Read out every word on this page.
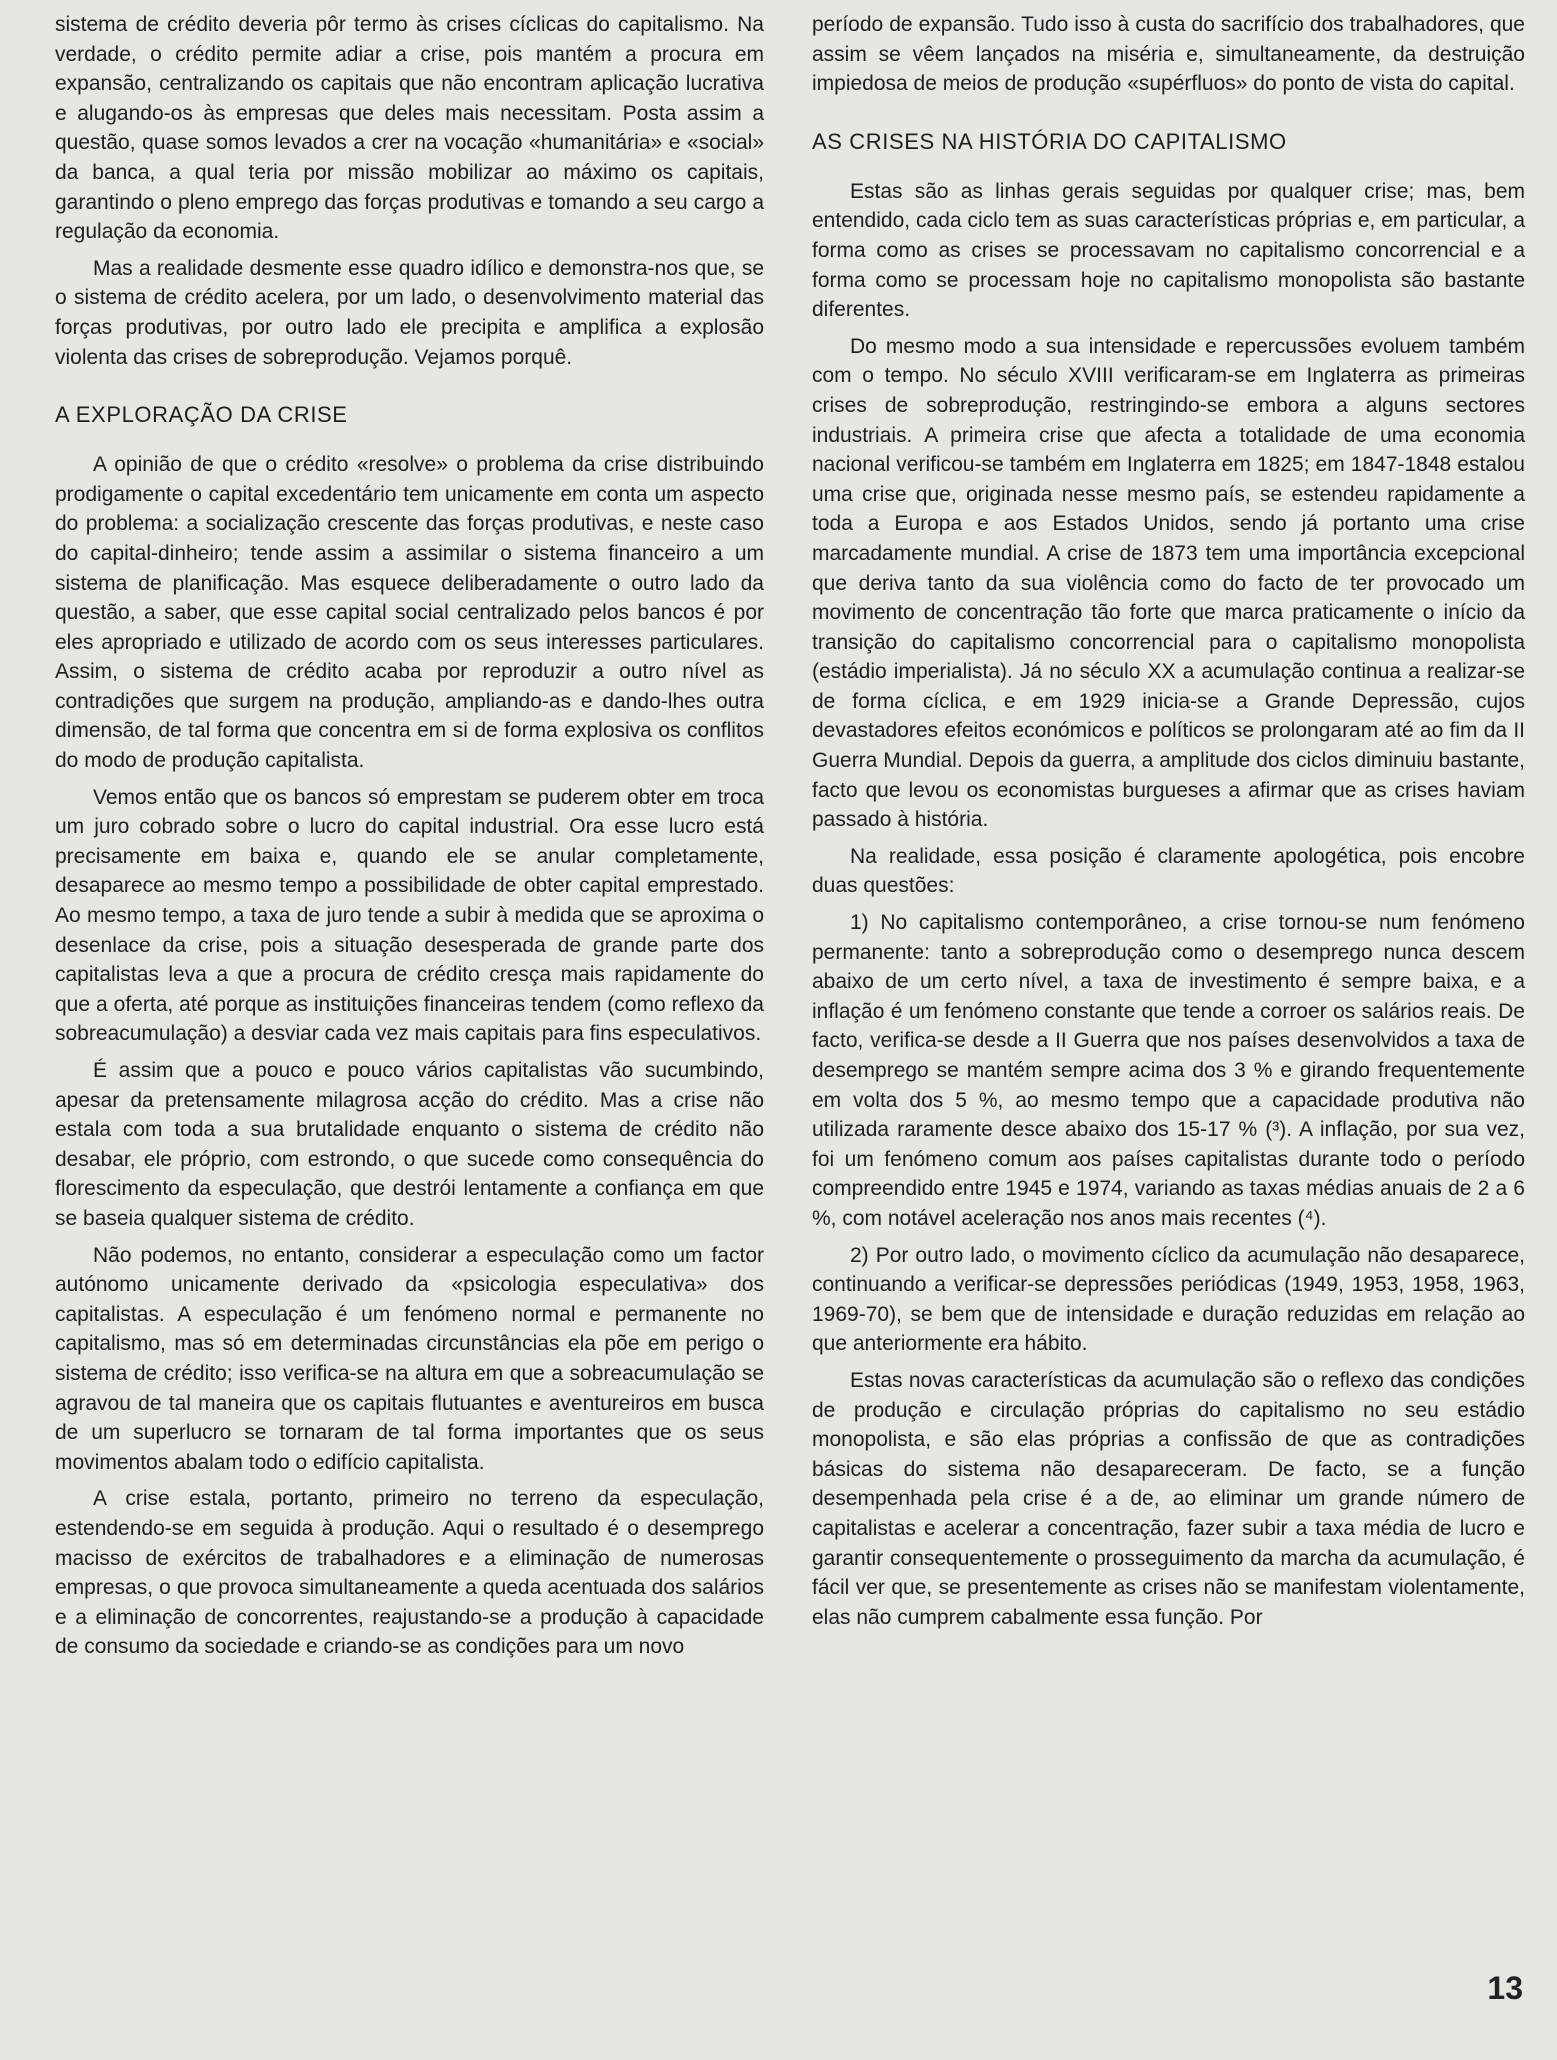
sistema de crédito deveria pôr termo às crises cíclicas do capitalismo. Na verdade, o crédito permite adiar a crise, pois mantém a procura em expansão, centralizando os capitais que não encontram aplicação lucrativa e alugando-os às empresas que deles mais necessitam. Posta assim a questão, quase somos levados a crer na vocação «humanitária» e «social» da banca, a qual teria por missão mobilizar ao máximo os capitais, garantindo o pleno emprego das forças produtivas e tomando a seu cargo a regulação da economia.

Mas a realidade desmente esse quadro idílico e demonstra-nos que, se o sistema de crédito acelera, por um lado, o desenvolvimento material das forças produtivas, por outro lado ele precipita e amplifica a explosão violenta das crises de sobreprodução. Vejamos porquê.

A EXPLORAÇÃO DA CRISE

A opinião de que o crédito «resolve» o problema da crise distribuindo prodigamente o capital excedentário tem unicamente em conta um aspecto do problema: a socialização crescente das forças produtivas, e neste caso do capital-dinheiro; tende assim a assimilar o sistema financeiro a um sistema de planificação. Mas esquece deliberadamente o outro lado da questão, a saber, que esse capital social centralizado pelos bancos é por eles apropriado e utilizado de acordo com os seus interesses particulares. Assim, o sistema de crédito acaba por reproduzir a outro nível as contradições que surgem na produção, ampliando-as e dando-lhes outra dimensão, de tal forma que concentra em si de forma explosiva os conflitos do modo de produção capitalista.

Vemos então que os bancos só emprestam se puderem obter em troca um juro cobrado sobre o lucro do capital industrial. Ora esse lucro está precisamente em baixa e, quando ele se anular completamente, desaparece ao mesmo tempo a possibilidade de obter capital emprestado. Ao mesmo tempo, a taxa de juro tende a subir à medida que se aproxima o desenlace da crise, pois a situação desesperada de grande parte dos capitalistas leva a que a procura de crédito cresça mais rapidamente do que a oferta, até porque as instituições financeiras tendem (como reflexo da sobreacumulação) a desviar cada vez mais capitais para fins especulativos.

É assim que a pouco e pouco vários capitalistas vão sucumbindo, apesar da pretensamente milagrosa acção do crédito. Mas a crise não estala com toda a sua brutalidade enquanto o sistema de crédito não desabar, ele próprio, com estrondo, o que sucede como consequência do florescimento da especulação, que destrói lentamente a confiança em que se baseia qualquer sistema de crédito.

Não podemos, no entanto, considerar a especulação como um factor autónomo unicamente derivado da «psicologia especulativa» dos capitalistas. A especulação é um fenómeno normal e permanente no capitalismo, mas só em determinadas circunstâncias ela põe em perigo o sistema de crédito; isso verifica-se na altura em que a sobreacumulação se agravou de tal maneira que os capitais flutuantes e aventureiros em busca de um superlucro se tornaram de tal forma importantes que os seus movimentos abalam todo o edifício capitalista.

A crise estala, portanto, primeiro no terreno da especulação, estendendo-se em seguida à produção. Aqui o resultado é o desemprego macisso de exércitos de trabalhadores e a eliminação de numerosas empresas, o que provoca simultaneamente a queda acentuada dos salários e a eliminação de concorrentes, reajustando-se a produção à capacidade de consumo da sociedade e criando-se as condições para um novo

período de expansão. Tudo isso à custa do sacrifício dos trabalhadores, que assim se vêem lançados na miséria e, simultaneamente, da destruição impiedosa de meios de produção «supérfluos» do ponto de vista do capital.

AS CRISES NA HISTÓRIA DO CAPITALISMO

Estas são as linhas gerais seguidas por qualquer crise; mas, bem entendido, cada ciclo tem as suas características próprias e, em particular, a forma como as crises se processavam no capitalismo concorrencial e a forma como se processam hoje no capitalismo monopolista são bastante diferentes.

Do mesmo modo a sua intensidade e repercussões evoluem também com o tempo. No século XVIII verificaram-se em Inglaterra as primeiras crises de sobreprodução, restringindo-se embora a alguns sectores industriais. A primeira crise que afecta a totalidade de uma economia nacional verificou-se também em Inglaterra em 1825; em 1847-1848 estalou uma crise que, originada nesse mesmo país, se estendeu rapidamente a toda a Europa e aos Estados Unidos, sendo já portanto uma crise marcadamente mundial. A crise de 1873 tem uma importância excepcional que deriva tanto da sua violência como do facto de ter provocado um movimento de concentração tão forte que marca praticamente o início da transição do capitalismo concorrencial para o capitalismo monopolista (estádio imperialista). Já no século XX a acumulação continua a realizar-se de forma cíclica, e em 1929 inicia-se a Grande Depressão, cujos devastadores efeitos económicos e políticos se prolongaram até ao fim da II Guerra Mundial. Depois da guerra, a amplitude dos ciclos diminuiu bastante, facto que levou os economistas burgueses a afirmar que as crises haviam passado à história.

Na realidade, essa posição é claramente apologética, pois encobre duas questões:

1) No capitalismo contemporâneo, a crise tornou-se num fenómeno permanente: tanto a sobreprodução como o desemprego nunca descem abaixo de um certo nível, a taxa de investimento é sempre baixa, e a inflação é um fenómeno constante que tende a corroer os salários reais. De facto, verifica-se desde a II Guerra que nos países desenvolvidos a taxa de desemprego se mantém sempre acima dos 3 % e girando frequentemente em volta dos 5 %, ao mesmo tempo que a capacidade produtiva não utilizada raramente desce abaixo dos 15-17 % (³). A inflação, por sua vez, foi um fenómeno comum aos países capitalistas durante todo o período compreendido entre 1945 e 1974, variando as taxas médias anuais de 2 a 6 %, com notável aceleração nos anos mais recentes (⁴).

2) Por outro lado, o movimento cíclico da acumulação não desaparece, continuando a verificar-se depressões periódicas (1949, 1953, 1958, 1963, 1969-70), se bem que de intensidade e duração reduzidas em relação ao que anteriormente era hábito.

Estas novas características da acumulação são o reflexo das condições de produção e circulação próprias do capitalismo no seu estádio monopolista, e são elas próprias a confissão de que as contradições básicas do sistema não desapareceram. De facto, se a função desempenhada pela crise é a de, ao eliminar um grande número de capitalistas e acelerar a concentração, fazer subir a taxa média de lucro e garantir consequentemente o prosseguimento da marcha da acumulação, é fácil ver que, se presentemente as crises não se manifestam violentamente, elas não cumprem cabalmente essa função. Por

13
